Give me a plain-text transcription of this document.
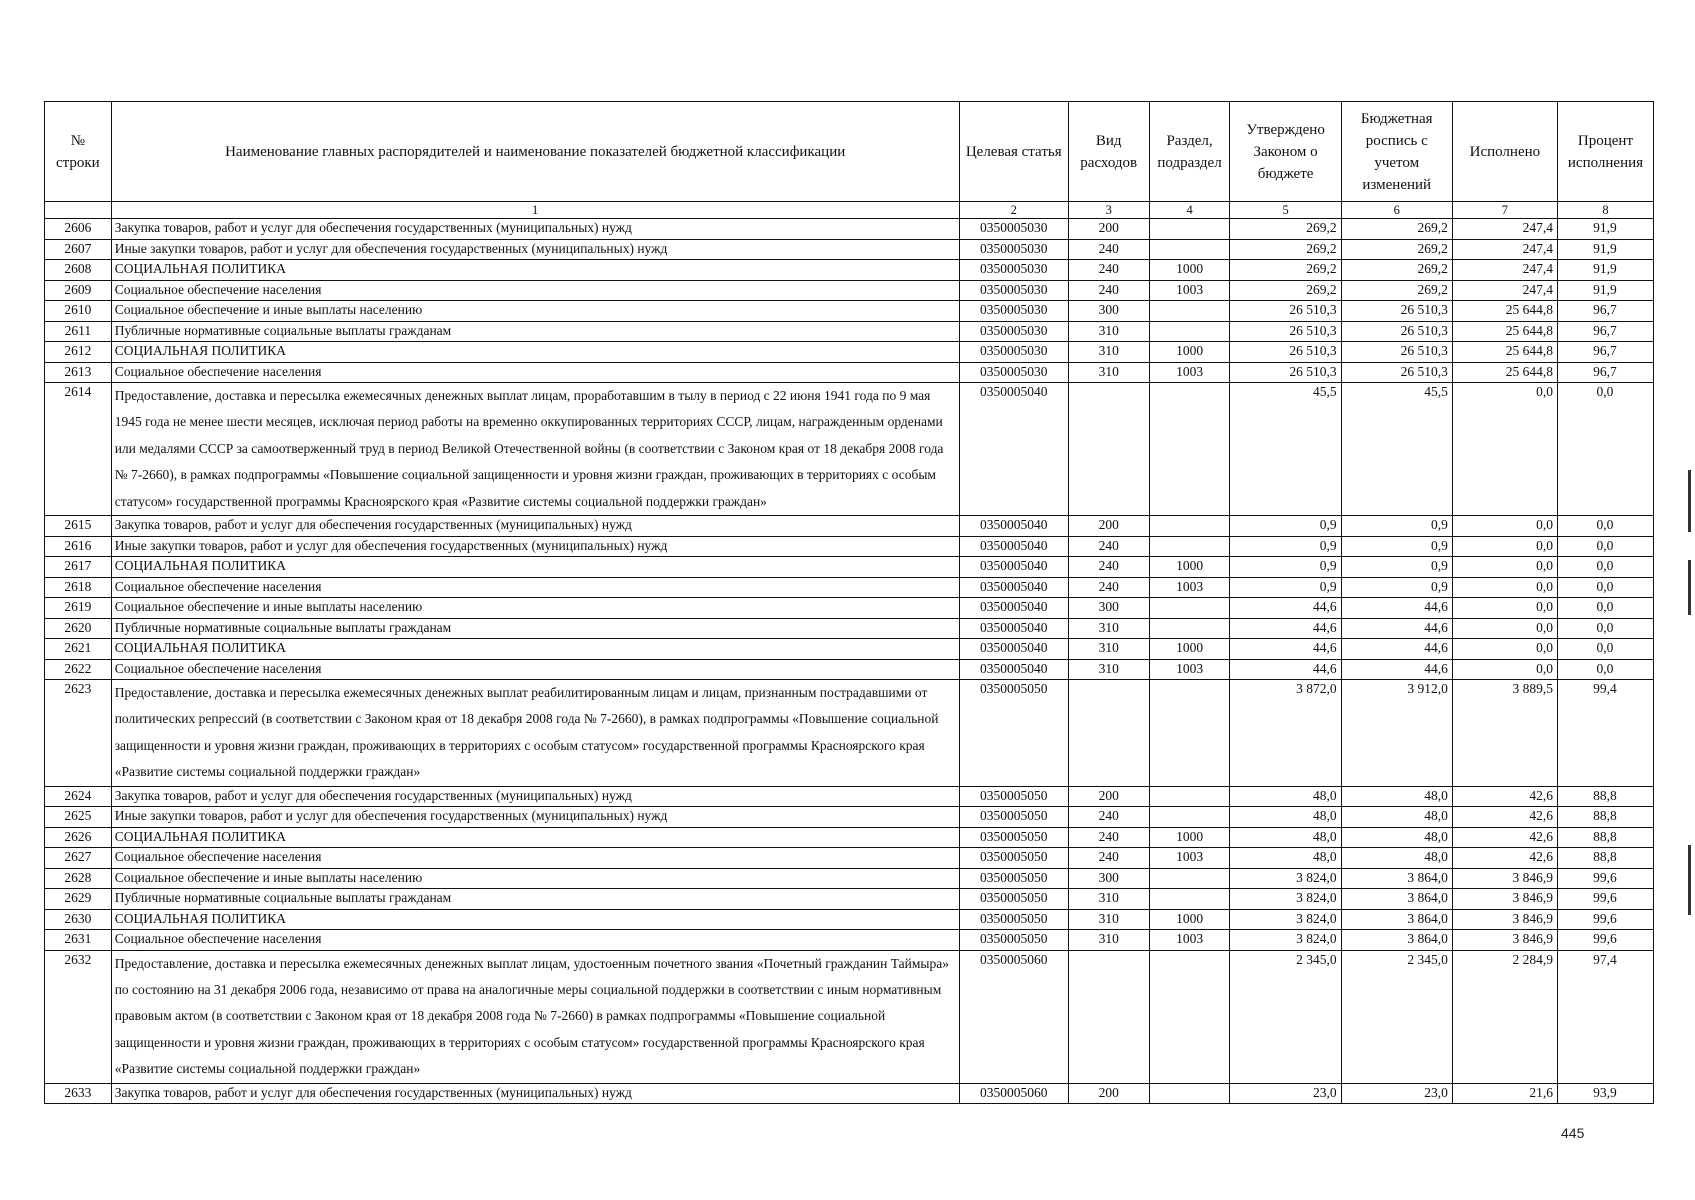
№ строки	Наименование главных распорядителей и наименование показателей бюджетной классификации	Целевая статья	Вид расходов	Раздел, подраздел	Утверждено Законом о бюджете	Бюджетная роспись с учетом изменений	Исполнено	Процент исполнения
	1	2	3	4	5	6	7	8
2606	Закупка товаров, работ и услуг для обеспечения государственных (муниципальных) нужд	0350005030	200		269,2	269,2	247,4	91,9
2607	Иные закупки товаров, работ и услуг для обеспечения государственных (муниципальных) нужд	0350005030	240		269,2	269,2	247,4	91,9
2608	СОЦИАЛЬНАЯ ПОЛИТИКА	0350005030	240	1000	269,2	269,2	247,4	91,9
2609	Социальное обеспечение населения	0350005030	240	1003	269,2	269,2	247,4	91,9
2610	Социальное обеспечение и иные выплаты населению	0350005030	300		26 510,3	26 510,3	25 644,8	96,7
2611	Публичные нормативные социальные выплаты гражданам	0350005030	310		26 510,3	26 510,3	25 644,8	96,7
2612	СОЦИАЛЬНАЯ ПОЛИТИКА	0350005030	310	1000	26 510,3	26 510,3	25 644,8	96,7
2613	Социальное обеспечение населения	0350005030	310	1003	26 510,3	26 510,3	25 644,8	96,7
2614	Предоставление, доставка и пересылка ежемесячных денежных выплат лицам, проработавшим в тылу в период с 22 июня 1941 года по 9 мая 1945 года не менее шести месяцев, исключая период работы на временно оккупированных территориях СССР, лицам, награжденным орденами или медалями СССР за самоотверженный труд в период Великой Отечественной войны (в соответствии с Законом края от 18 декабря 2008 года № 7-2660), в рамках подпрограммы «Повышение социальной защищенности и уровня жизни граждан, проживающих в территориях с особым статусом» государственной программы Красноярского края «Развитие системы социальной поддержки граждан»	0350005040			45,5	45,5	0,0	0,0
2615	Закупка товаров, работ и услуг для обеспечения государственных (муниципальных) нужд	0350005040	200		0,9	0,9	0,0	0,0
2616	Иные закупки товаров, работ и услуг для обеспечения государственных (муниципальных) нужд	0350005040	240		0,9	0,9	0,0	0,0
2617	СОЦИАЛЬНАЯ ПОЛИТИКА	0350005040	240	1000	0,9	0,9	0,0	0,0
2618	Социальное обеспечение населения	0350005040	240	1003	0,9	0,9	0,0	0,0
2619	Социальное обеспечение и иные выплаты населению	0350005040	300		44,6	44,6	0,0	0,0
2620	Публичные нормативные социальные выплаты гражданам	0350005040	310		44,6	44,6	0,0	0,0
2621	СОЦИАЛЬНАЯ ПОЛИТИКА	0350005040	310	1000	44,6	44,6	0,0	0,0
2622	Социальное обеспечение населения	0350005040	310	1003	44,6	44,6	0,0	0,0
2623	Предоставление, доставка и пересылка ежемесячных денежных выплат реабилитированным лицам и лицам, признанным пострадавшими от политических репрессий (в соответствии с Законом края от 18 декабря 2008 года № 7-2660), в рамках подпрограммы «Повышение социальной защищенности и уровня жизни граждан, проживающих в территориях с особым статусом» государственной программы Красноярского края «Развитие системы социальной поддержки граждан»	0350005050			3 872,0	3 912,0	3 889,5	99,4
2624	Закупка товаров, работ и услуг для обеспечения государственных (муниципальных) нужд	0350005050	200		48,0	48,0	42,6	88,8
2625	Иные закупки товаров, работ и услуг для обеспечения государственных (муниципальных) нужд	0350005050	240		48,0	48,0	42,6	88,8
2626	СОЦИАЛЬНАЯ ПОЛИТИКА	0350005050	240	1000	48,0	48,0	42,6	88,8
2627	Социальное обеспечение населения	0350005050	240	1003	48,0	48,0	42,6	88,8
2628	Социальное обеспечение и иные выплаты населению	0350005050	300		3 824,0	3 864,0	3 846,9	99,6
2629	Публичные нормативные социальные выплаты гражданам	0350005050	310		3 824,0	3 864,0	3 846,9	99,6
2630	СОЦИАЛЬНАЯ ПОЛИТИКА	0350005050	310	1000	3 824,0	3 864,0	3 846,9	99,6
2631	Социальное обеспечение населения	0350005050	310	1003	3 824,0	3 864,0	3 846,9	99,6
2632	Предоставление, доставка и пересылка ежемесячных денежных выплат лицам, удостоенным почетного звания «Почетный гражданин Таймыра» по состоянию на 31 декабря 2006 года, независимо от права на аналогичные меры социальной поддержки в соответствии с иным нормативным правовым актом (в соответствии с Законом края от 18 декабря 2008 года № 7-2660) в рамках подпрограммы «Повышение социальной защищенности и уровня жизни граждан, проживающих в территориях с особым статусом» государственной программы Красноярского края «Развитие системы социальной поддержки граждан»	0350005060			2 345,0	2 345,0	2 284,9	97,4
2633	Закупка товаров, работ и услуг для обеспечения государственных (муниципальных) нужд	0350005060	200		23,0	23,0	21,6	93,9
445
